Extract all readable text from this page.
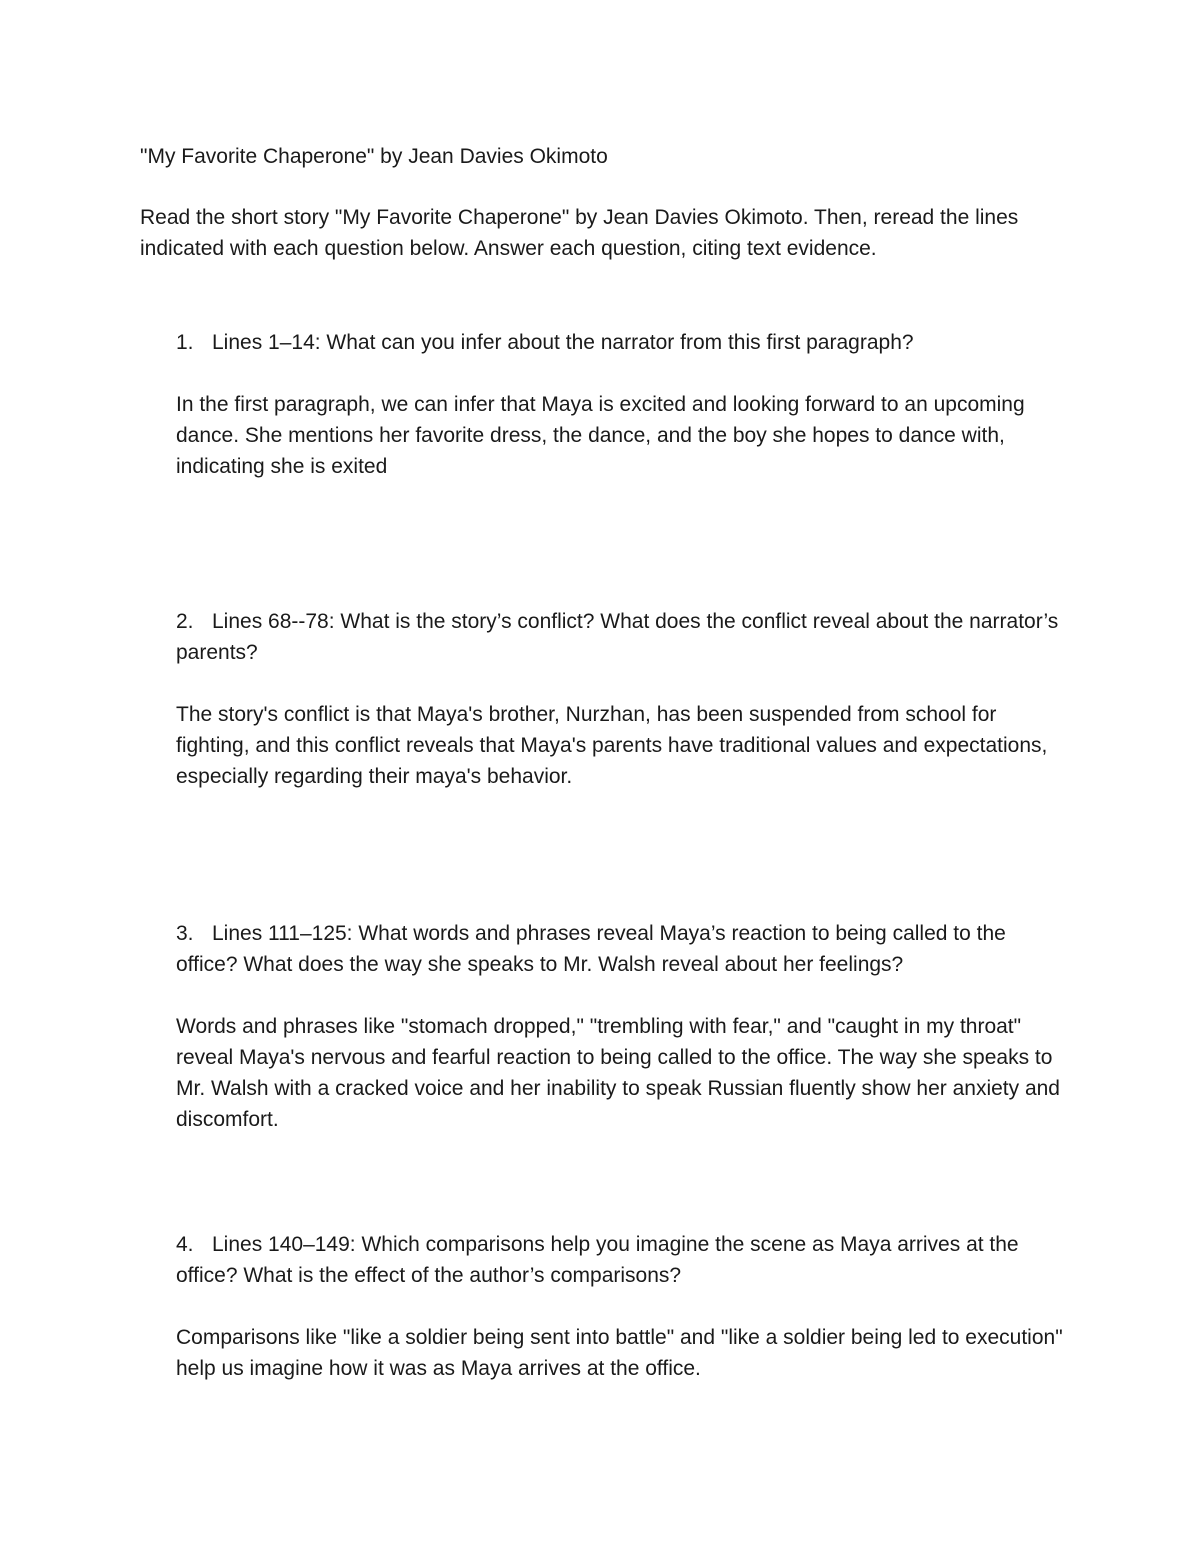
"My Favorite Chaperone" by Jean Davies Okimoto

Read the short story "My Favorite Chaperone" by Jean Davies Okimoto. Then, reread the lines indicated with each question below. Answer each question, citing text evidence.

1. Lines 1–14: What can you infer about the narrator from this first paragraph?

In the first paragraph, we can infer that Maya is excited and looking forward to an upcoming dance. She mentions her favorite dress, the dance, and the boy she hopes to dance with, indicating she is exited

2. Lines 68--78: What is the story’s conflict? What does the conflict reveal about the narrator’s parents?

The story's conflict is that Maya's brother, Nurzhan, has been suspended from school for fighting, and this conflict reveals that Maya's parents have traditional values and expectations, especially regarding their maya's behavior.

3. Lines 111–125: What words and phrases reveal Maya’s reaction to being called to the office? What does the way she speaks to Mr. Walsh reveal about her feelings?

Words and phrases like "stomach dropped," "trembling with fear," and "caught in my throat" reveal Maya's nervous and fearful reaction to being called to the office. The way she speaks to Mr. Walsh with a cracked voice and her inability to speak Russian fluently show her anxiety and discomfort.

4. Lines 140–149: Which comparisons help you imagine the scene as Maya arrives at the office? What is the effect of the author’s comparisons?

Comparisons like "like a soldier being sent into battle" and "like a soldier being led to execution" help us imagine how it was as Maya arrives at the office.
